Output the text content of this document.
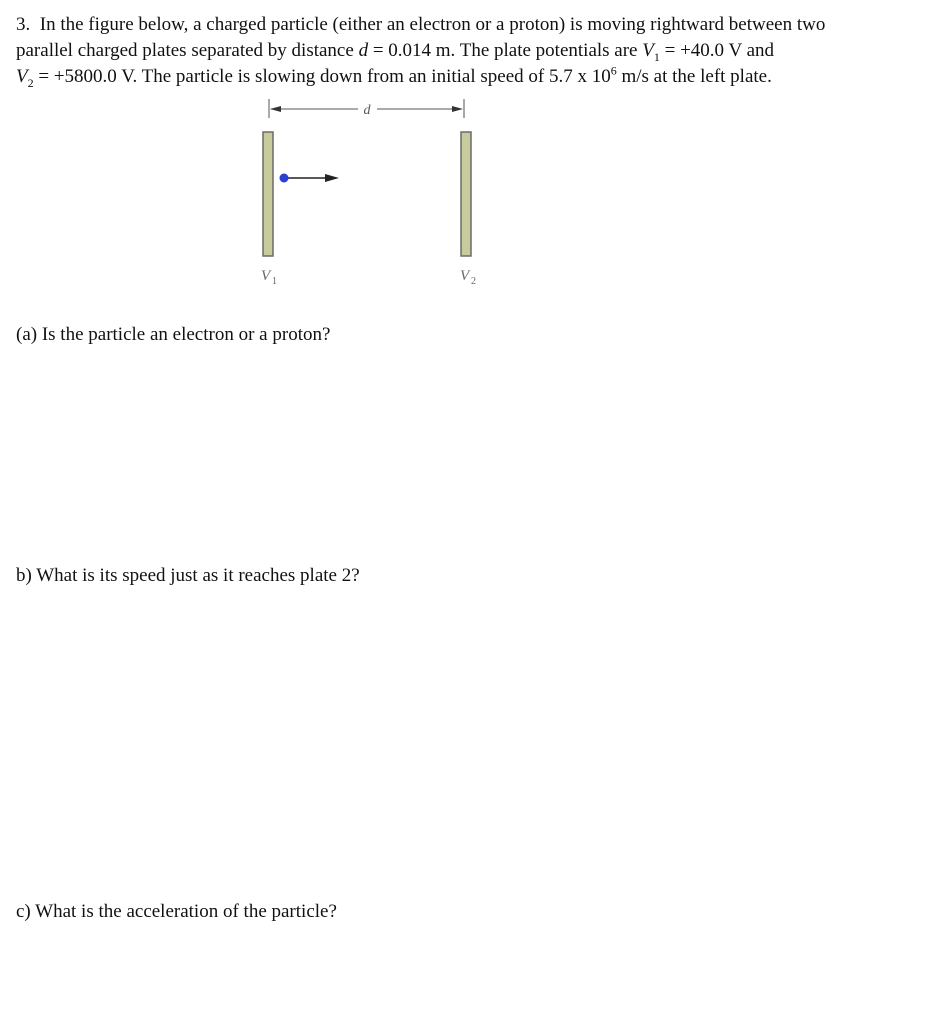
3. In the figure below, a charged particle (either an electron or a proton) is moving rightward between two
parallel charged plates separated by distance d = 0.014 m. The plate potentials are $V_1 = +40.0$ V and
$V_2 = +5800.0$ V. The particle is slowing down from an initial speed of 5.7 x $10^6$ m/s at the left plate.
d
V 1	V 2
(a) Is the particle an electron or a proton?
b) What is its speed just as it reaches plate 2?
c) What is the acceleration of the particle?
